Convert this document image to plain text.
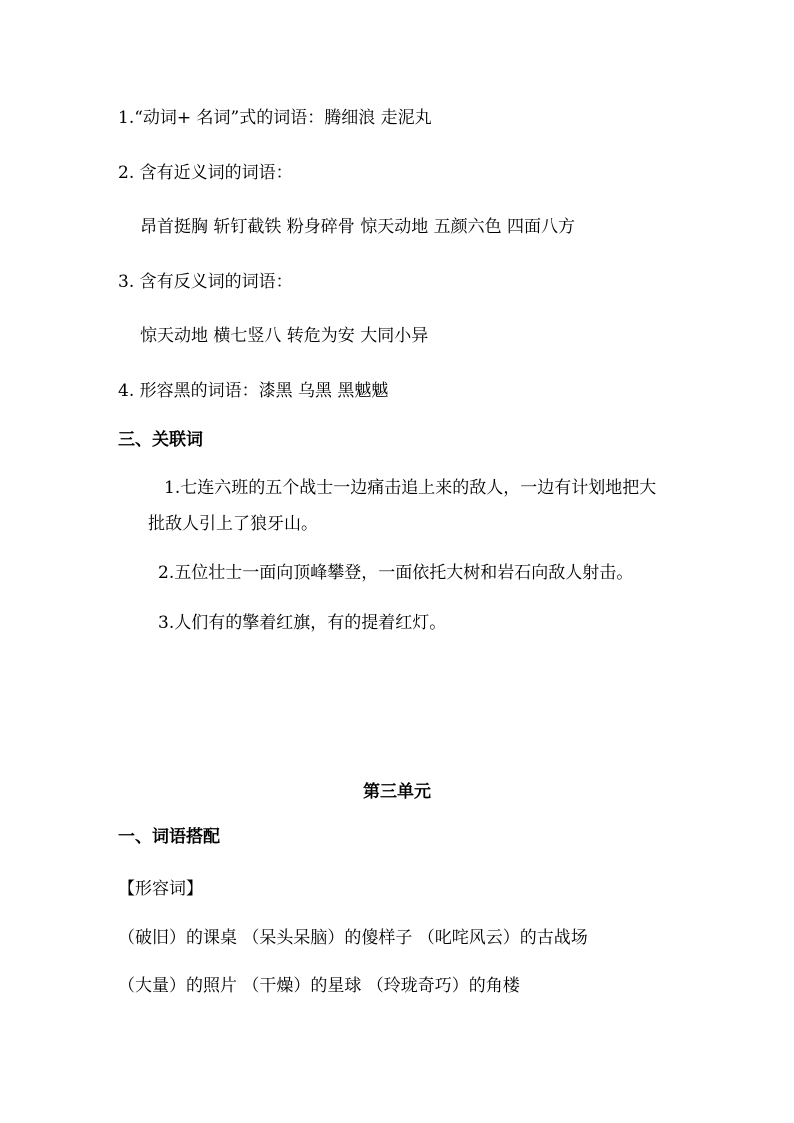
1.“动词+ 名词”式的词语：腾细浪 走泥丸
2. 含有近义词的词语：
昂首挺胸 斩钉截铁 粉身碎骨 惊天动地 五颜六色 四面八方
3. 含有反义词的词语：
惊天动地 横七竖八 转危为安 大同小异
4. 形容黑的词语：漆黑 乌黑 黑魆魆
三、关联词
1.七连六班的五个战士一边痛击追上来的敌人，一边有计划地把大
批敌人引上了狼牙山。
2.五位壮士一面向顶峰攀登，一面依托大树和岩石向敌人射击。
3.人们有的擎着红旗，有的提着红灯。
第三单元
一、词语搭配
【形容词】
（破旧）的课桌 （呆头呆脑）的傻样子 （叱咤风云）的古战场
（大量）的照片 （干燥）的星球 （玲珑奇巧）的角楼
